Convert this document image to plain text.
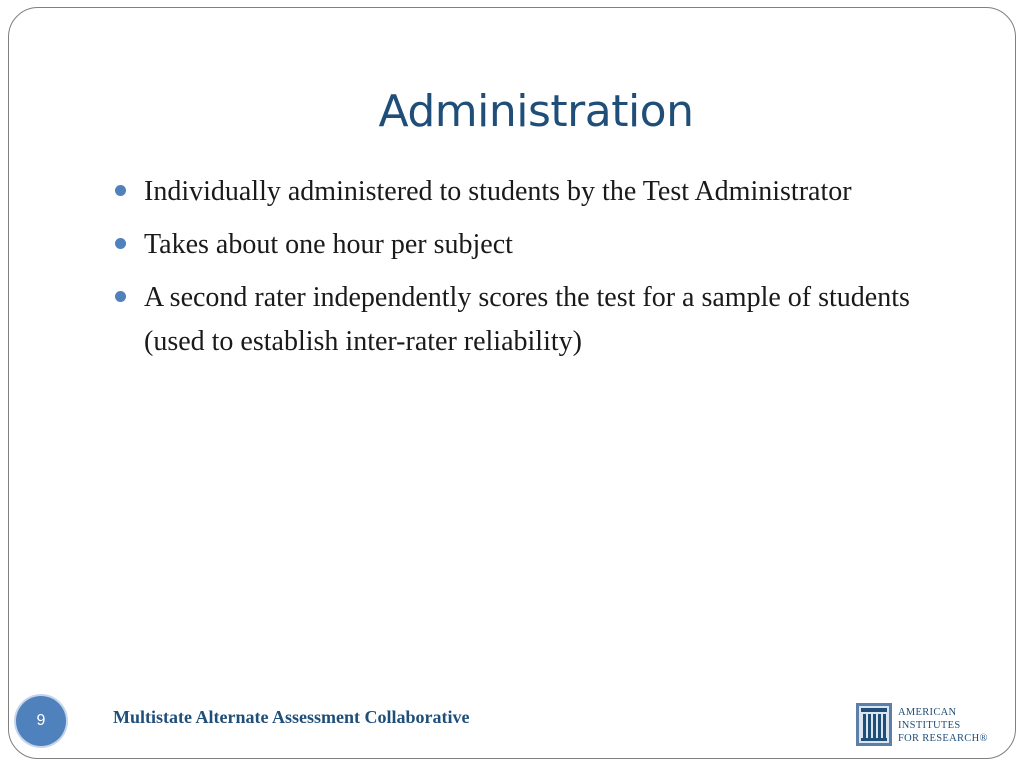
Administration
Individually administered to students by the Test Administrator
Takes about one hour per subject
A second rater independently scores the test for a sample of students (used to establish inter-rater reliability)
9	Multistate Alternate Assessment Collaborative	AMERICAN
INSTITUTES
FOR RESEARCH®
